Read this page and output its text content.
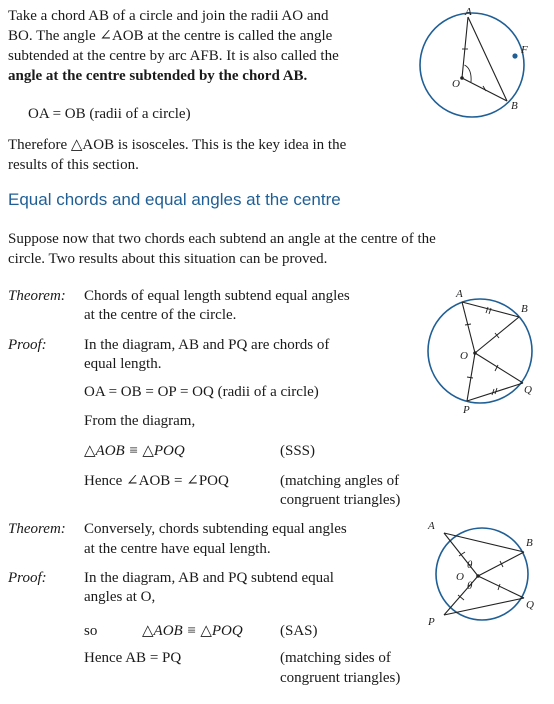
Take a chord AB of a circle and join the radii AO and
BO. The angle ∠AOB at the centre is called the angle
subtended at the centre by arc AFB. It is also called the
angle at the centre subtended by the chord AB.
OA = OB (radii of a circle)
Therefore △AOB is isosceles. This is the key idea in the
results of this section.
A
B
O
F
Equal chords and equal angles at the centre
Suppose now that two chords each subtend an angle at the centre of the
circle. Two results about this situation can be proved.
Theorem: Chords of equal length subtend equal angles
at the centre of the circle.
Proof: In the diagram, AB and PQ are chords of
equal length.
OA = OB = OP = OQ (radii of a circle)
From the diagram,
△AOB ≡ △POQ	(SSS)
Hence ∠AOB = ∠POQ	(matching angles of
congruent triangles)
A
B
O
P
Q
Theorem: Conversely, chords subtending equal angles
at the centre have equal length.
Proof: In the diagram, AB and PQ subtend equal
angles at O,
so	△AOB ≡ △POQ (SAS)
Hence AB = PQ	(matching sides of
congruent triangles)
A
B
O
P
Q
θ
θ
